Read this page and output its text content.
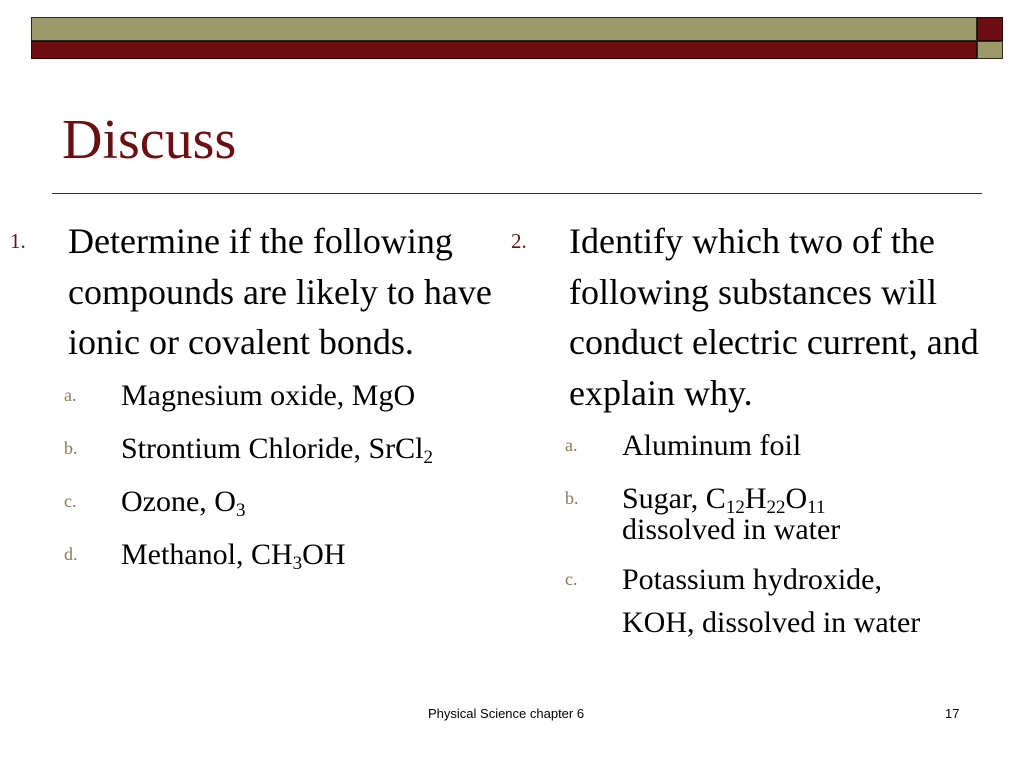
Discuss
1. Determine if the following compounds are likely to have ionic or covalent bonds.
a. Magnesium oxide, MgO
b. Strontium Chloride, SrCl$_2$
c. Ozone, $O_3$
d. Methanol, $CH_3OH$
2. Identify which two of the following substances will conduct electric current, and explain why.
a. Aluminum foil
b. Sugar, $C_{12}H_{22}O_{11}$
dissolved in water
c. Potassium hydroxide,
KOH, dissolved in water
Physical Science chapter 6	17
